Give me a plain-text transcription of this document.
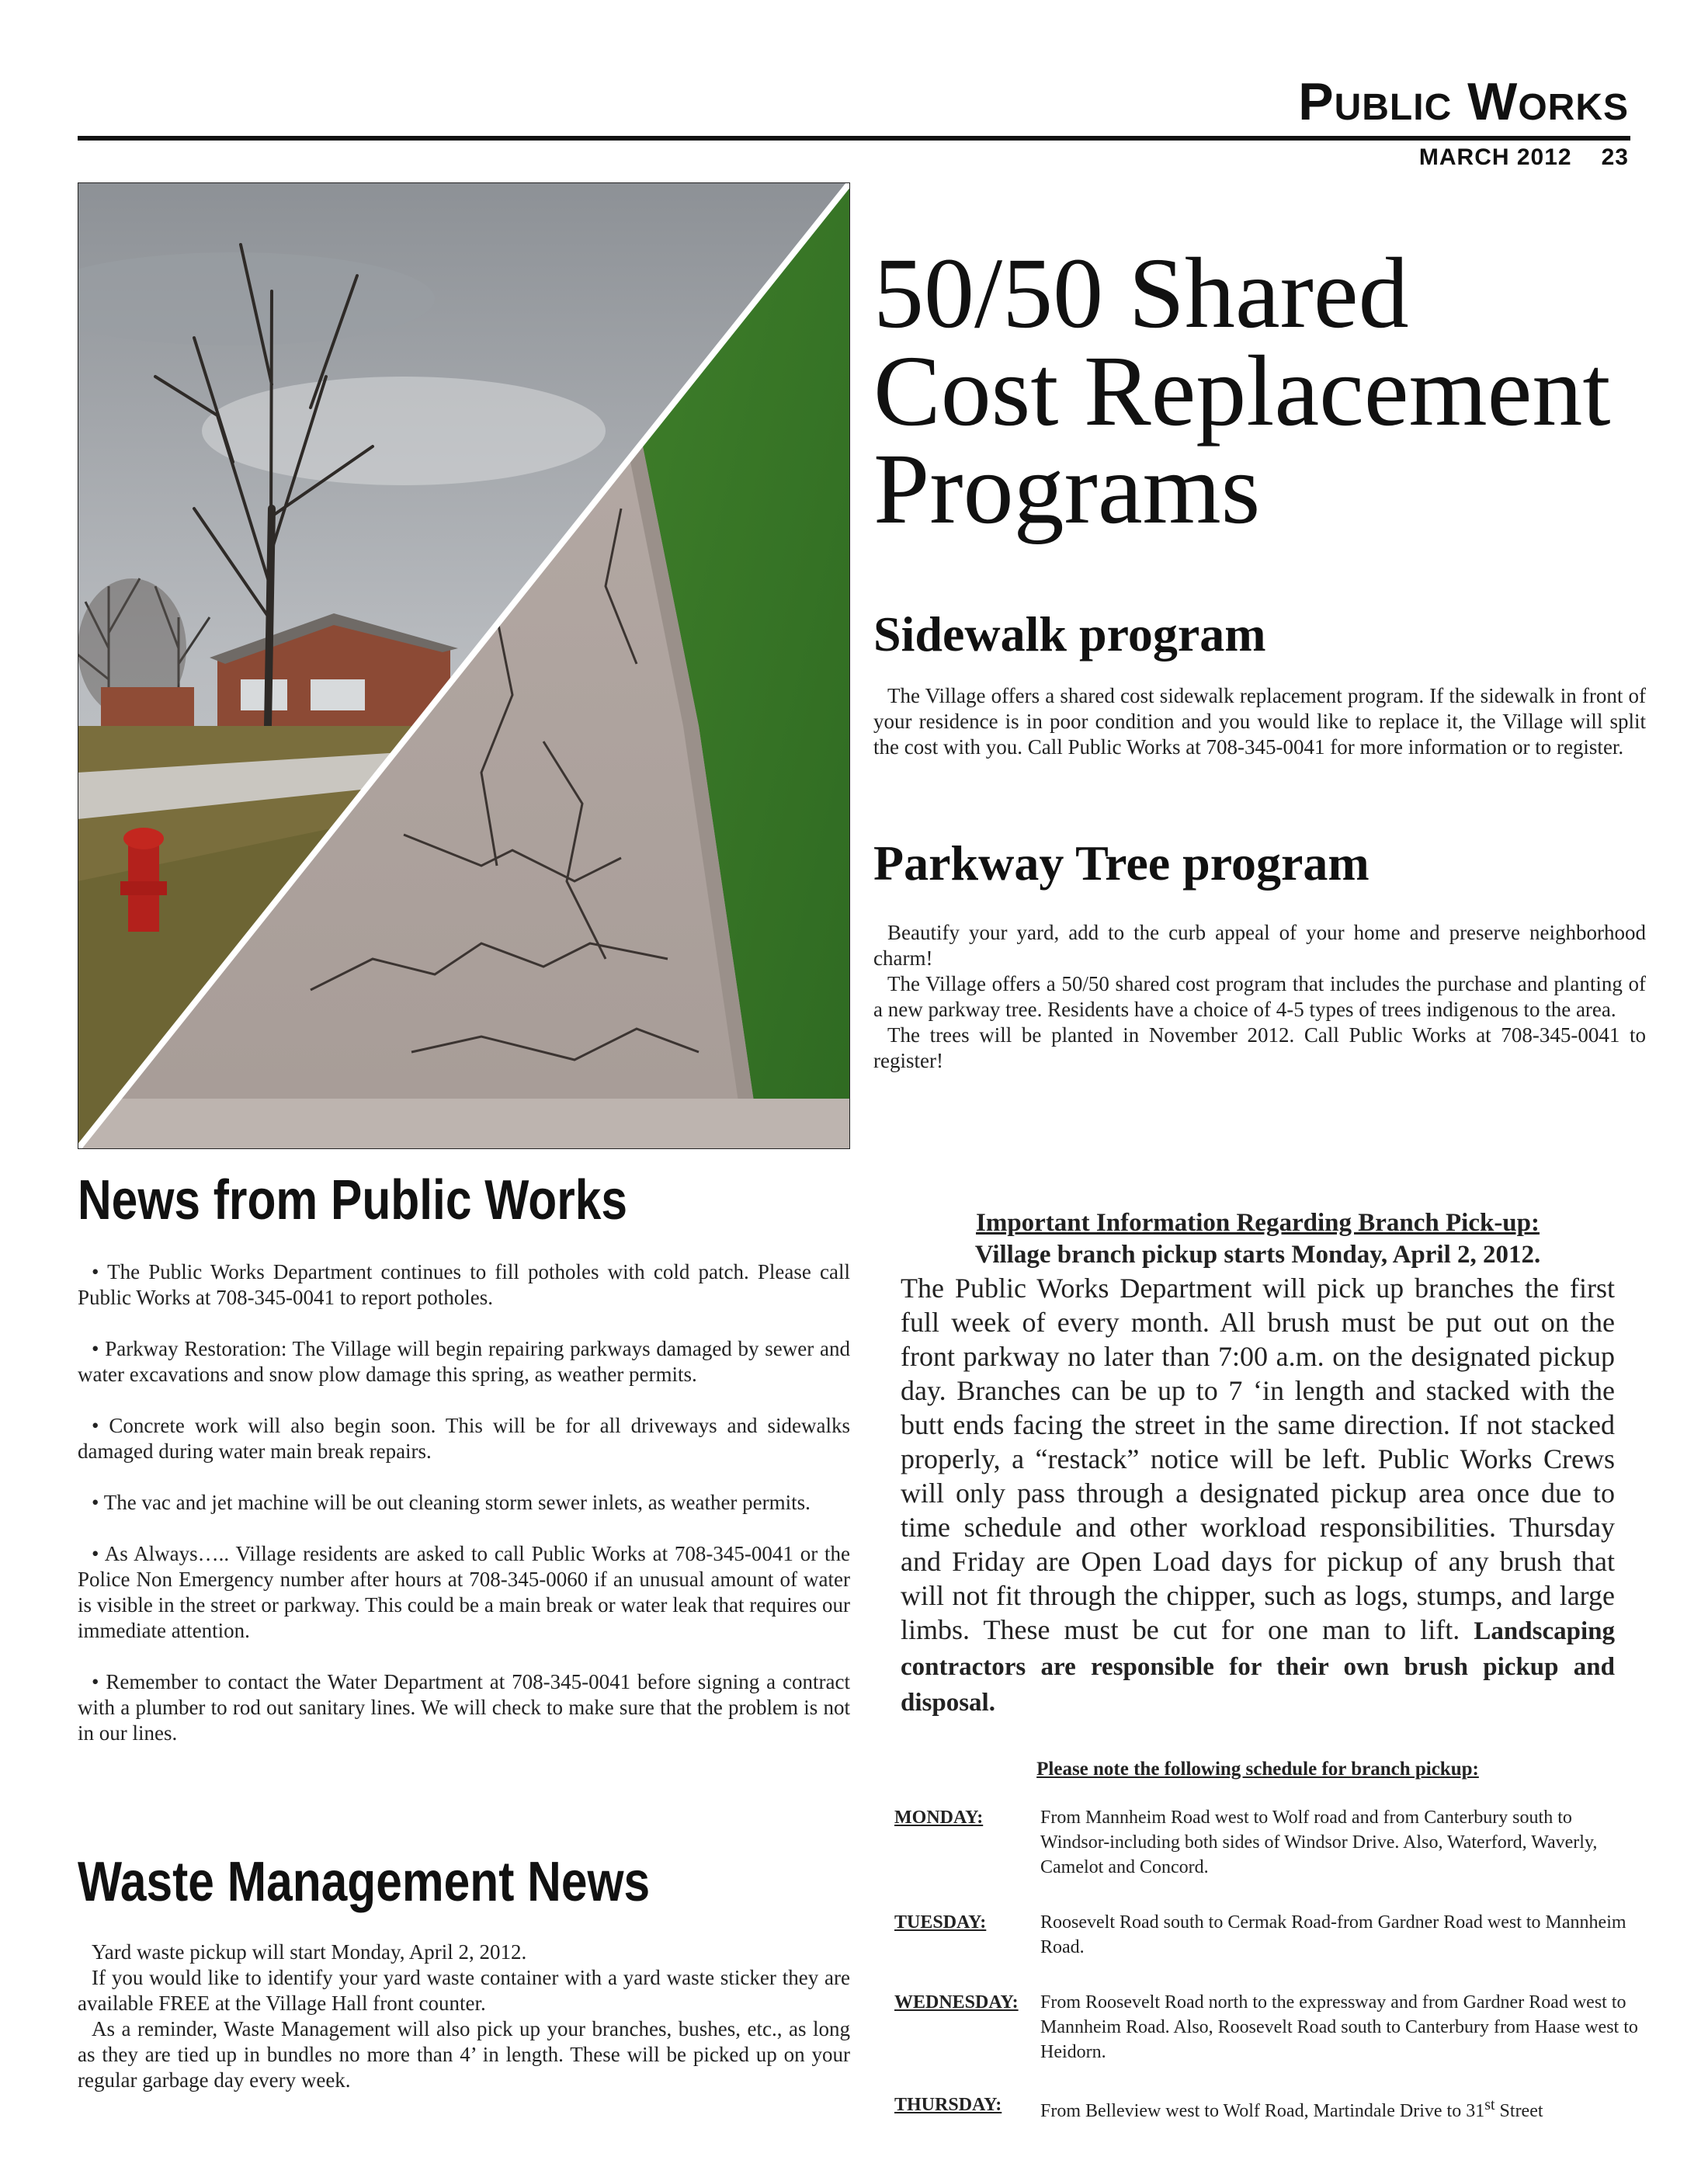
Public Works
MARCH 2012 23
50/50 Shared
Cost Replacement
Programs
Sidewalk program

The Village offers a shared cost sidewalk replacement program. If the sidewalk in front of your residence is in poor condition and you would like to replace it, the Village will split the cost with you. Call Public Works at 708-345-0041 for more information or to register.

Parkway Tree program

Beautify your yard, add to the curb appeal of your home and preserve neighborhood charm!

The Village offers a 50/50 shared cost program that includes the purchase and planting of a new parkway tree. Residents have a choice of 4-5 types of trees indigenous to the area.

The trees will be planted in November 2012. Call Public Works at 708-345-0041 to register!

News from Public Works

• The Public Works Department continues to fill potholes with cold patch. Please call Public Works at 708-345-0041 to report potholes.

• Parkway Restoration: The Village will begin repairing parkways damaged by sewer and water excavations and snow plow damage this spring, as weather permits.

• Concrete work will also begin soon. This will be for all driveways and sidewalks damaged during water main break repairs.

• The vac and jet machine will be out cleaning storm sewer inlets, as weather permits.

• As Always….. Village residents are asked to call Public Works at 708-345-0041 or the Police Non Emergency number after hours at 708-345-0060 if an unusual amount of water is visible in the street or parkway. This could be a main break or water leak that requires our immediate attention.

• Remember to contact the Water Department at 708-345-0041 before signing a contract with a plumber to rod out sanitary lines. We will check to make sure that the problem is not in our lines.

Waste Management News

Yard waste pickup will start Monday, April 2, 2012.

If you would like to identify your yard waste container with a yard waste sticker they are available FREE at the Village Hall front counter.

As a reminder, Waste Management will also pick up your branches, bushes, etc., as long as they are tied up in bundles no more than 4’ in length. These will be picked up on your regular garbage day every week.

Important Information Regarding Branch Pick-up:
Village branch pickup starts Monday, April 2, 2012.
The Public Works Department will pick up branches the first full week of every month. All brush must be put out on the front parkway no later than 7:00 a.m. on the designated pickup day. Branches can be up to 7 ‘in length and stacked with the butt ends facing the street in the same direction. If not stacked properly, a “restack” notice will be left. Public Works Crews will only pass through a designated pickup area once due to time schedule and other workload responsibilities. Thursday and Friday are Open Load days for pickup of any brush that will not fit through the chipper, such as logs, stumps, and large limbs. These must be cut for one man to lift. Landscaping contractors are responsible for their own brush pickup and disposal.
Please note the following schedule for branch pickup:
MONDAY:	From Mannheim Road west to Wolf road and from Canterbury south to Windsor-including both sides of Windsor Drive. Also, Waterford, Waverly, Camelot and Concord.
TUESDAY:	Roosevelt Road south to Cermak Road-from Gardner Road west to Mannheim Road.
WEDNESDAY: From Roosevelt Road north to the expressway and from Gardner Road west to Mannheim Road. Also, Roosevelt Road south to Canterbury from Haase west to Heidorn.
THURSDAY: From Belleview west to Wolf Road, Martindale Drive to 31st Street
